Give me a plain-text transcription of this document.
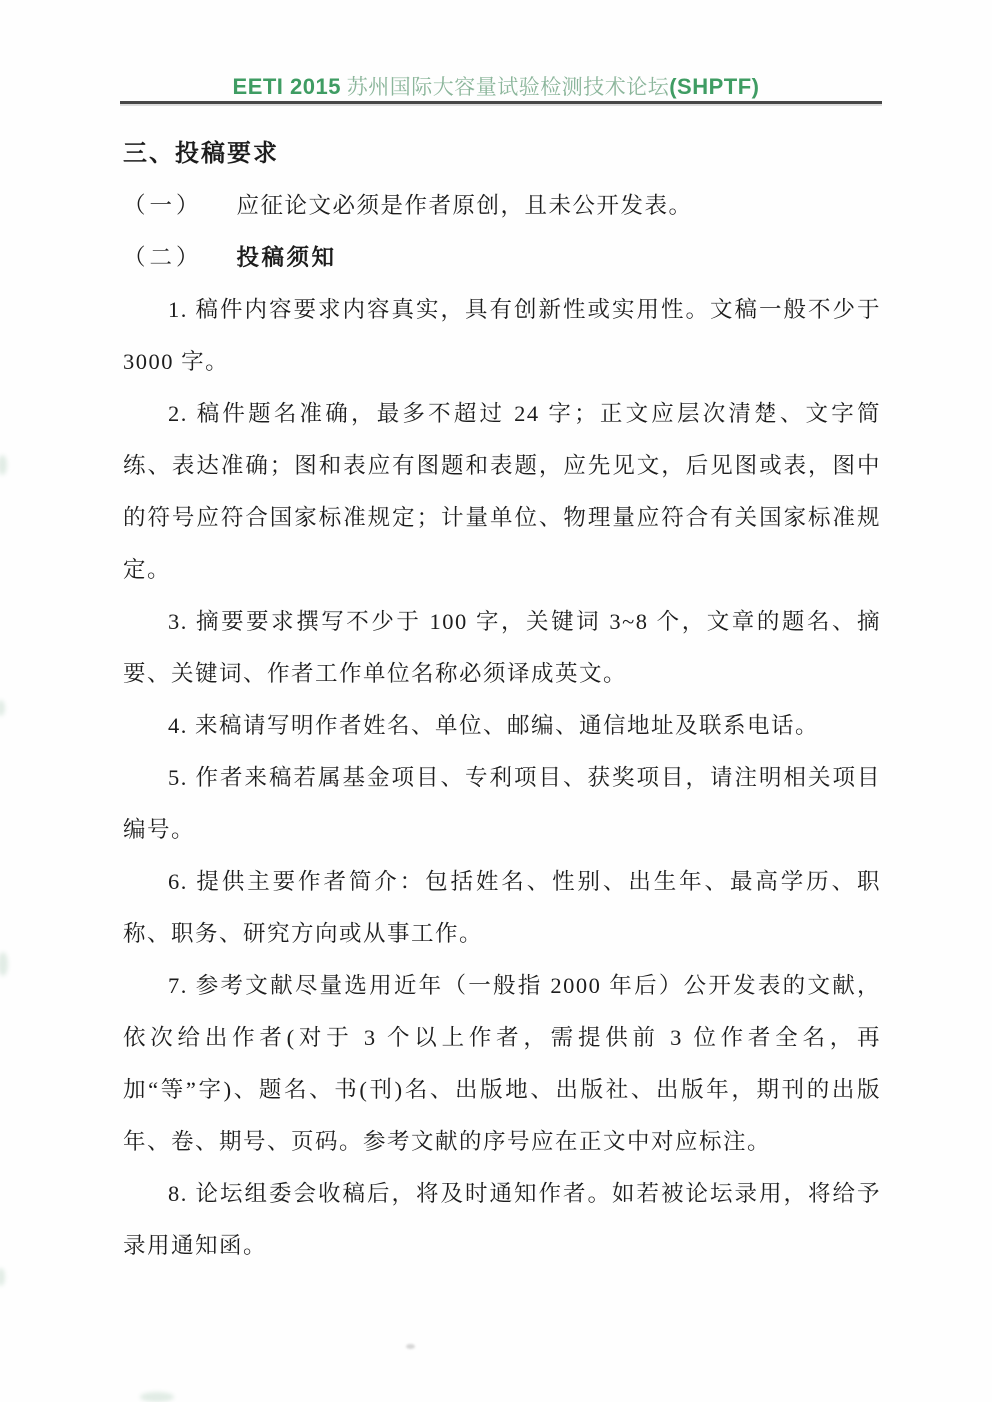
EETI 2015 苏州国际大容量试验检测技术论坛(SHPTF)
三、投稿要求

（一） 应征论文必须是作者原创，且未公开发表。

（二） 投稿须知

1. 稿件内容要求内容真实，具有创新性或实用性。文稿一般不少于 3000 字。

2. 稿件题名准确，最多不超过 24 字；正文应层次清楚、文字简练、表达准确；图和表应有图题和表题，应先见文，后见图或表，图中的符号应符合国家标准规定；计量单位、物理量应符合有关国家标准规定。

3. 摘要要求撰写不少于 100 字，关键词 3~8 个，文章的题名、摘要、关键词、作者工作单位名称必须译成英文。

4. 来稿请写明作者姓名、单位、邮编、通信地址及联系电话。

5. 作者来稿若属基金项目、专利项目、获奖项目，请注明相关项目编号。

6. 提供主要作者简介：包括姓名、性别、出生年、最高学历、职称、职务、研究方向或从事工作。

7. 参考文献尽量选用近年（一般指 2000 年后）公开发表的文献，依次给出作者(对于 3 个以上作者，需提供前 3 位作者全名，再加“等”字)、题名、书(刊)名、出版地、出版社、出版年，期刊的出版年、卷、期号、页码。参考文献的序号应在正文中对应标注。

8. 论坛组委会收稿后，将及时通知作者。如若被论坛录用，将给予录用通知函。
